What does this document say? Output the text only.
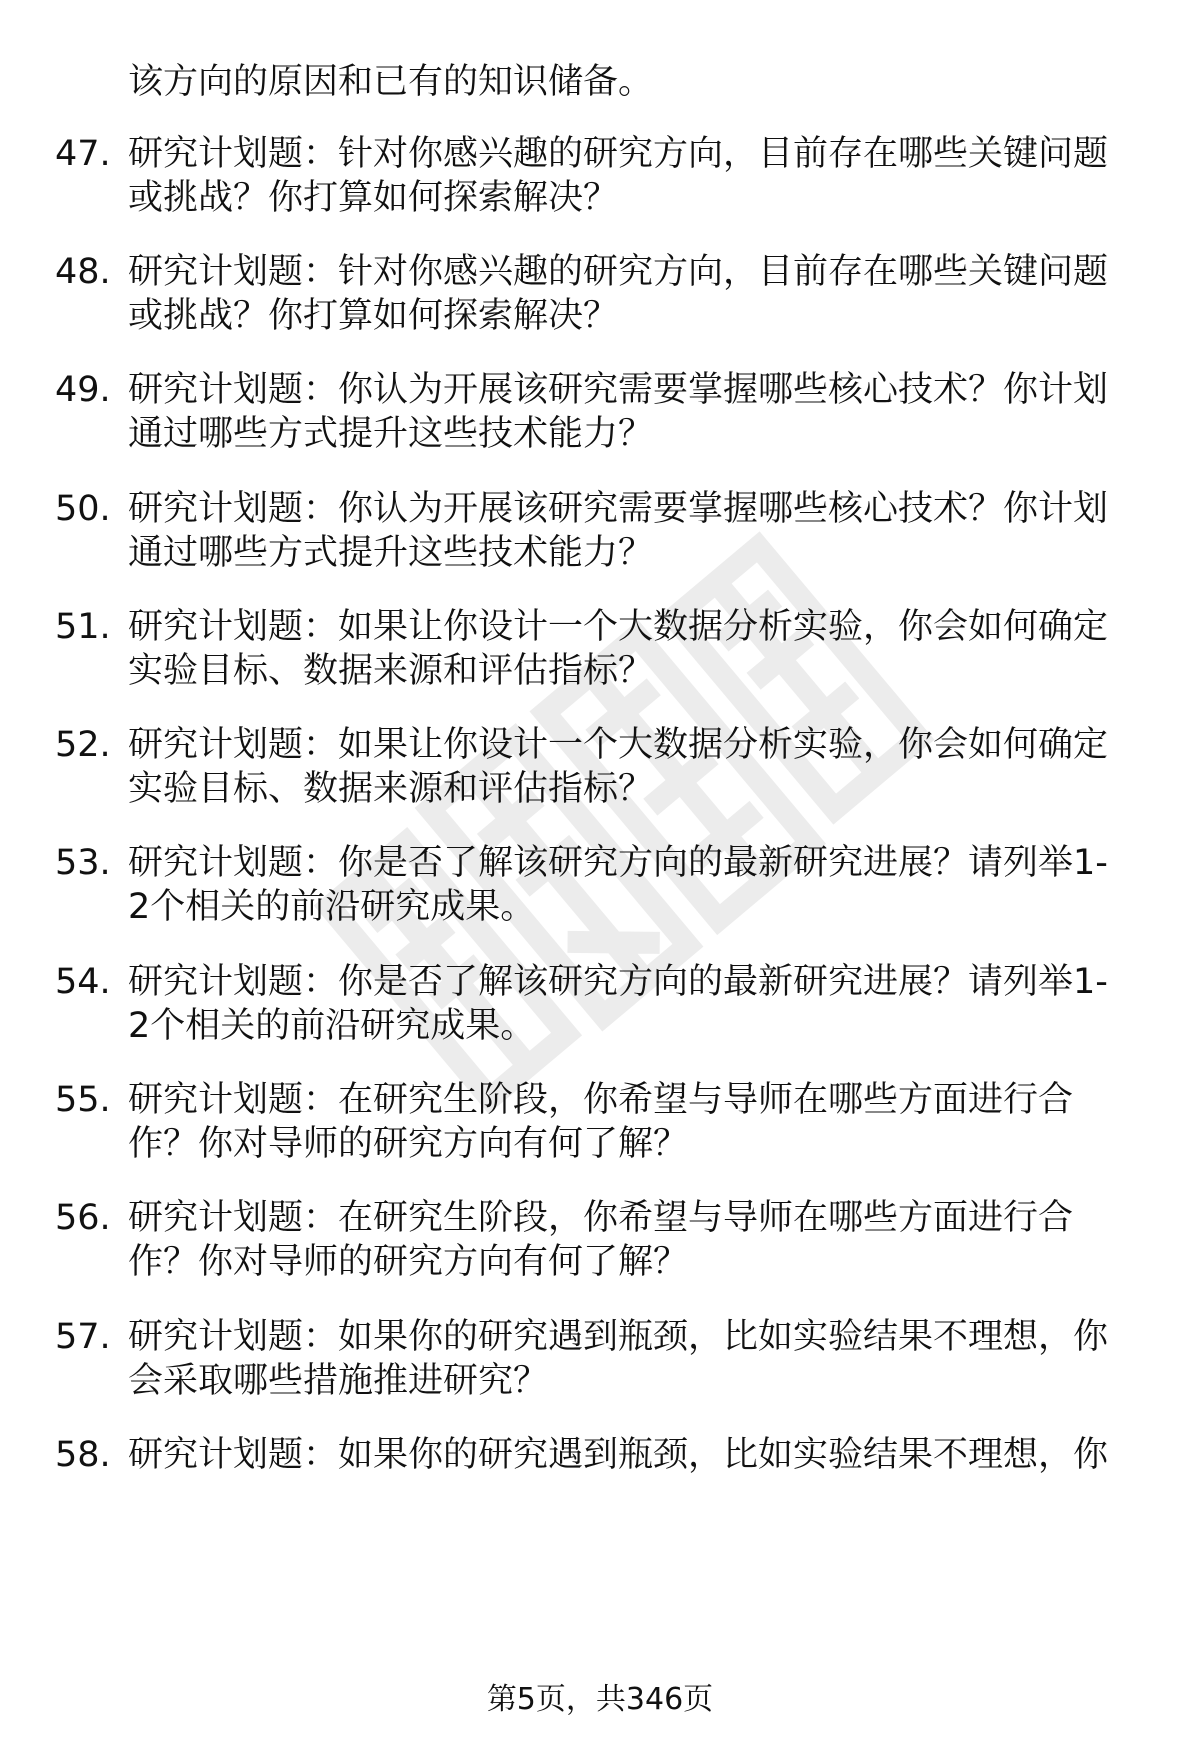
该方向的原因和已有的知识储备。
47. 研究计划题：针对你感兴趣的研究方向，目前存在哪些关键问题
或挑战？你打算如何探索解决？
48. 研究计划题：针对你感兴趣的研究方向，目前存在哪些关键问题
或挑战？你打算如何探索解决？
49. 研究计划题：你认为开展该研究需要掌握哪些核心技术？你计划
通过哪些方式提升这些技术能力？
50. 研究计划题：你认为开展该研究需要掌握哪些核心技术？你计划
通过哪些方式提升这些技术能力？
51. 研究计划题：如果让你设计一个大数据分析实验，你会如何确定
实验目标、数据来源和评估指标？
52. 研究计划题：如果让你设计一个大数据分析实验，你会如何确定
实验目标、数据来源和评估指标？
53. 研究计划题：你是否了解该研究方向的最新研究进展？请列举1-
2个相关的前沿研究成果。
54. 研究计划题：你是否了解该研究方向的最新研究进展？请列举1-
2个相关的前沿研究成果。
55. 研究计划题：在研究生阶段，你希望与导师在哪些方面进行合
作？你对导师的研究方向有何了解？
56. 研究计划题：在研究生阶段，你希望与导师在哪些方面进行合
作？你对导师的研究方向有何了解？
57. 研究计划题：如果你的研究遇到瓶颈，比如实验结果不理想，你
会采取哪些措施推进研究？
58. 研究计划题：如果你的研究遇到瓶颈，比如实验结果不理想，你
第5页，共346页
